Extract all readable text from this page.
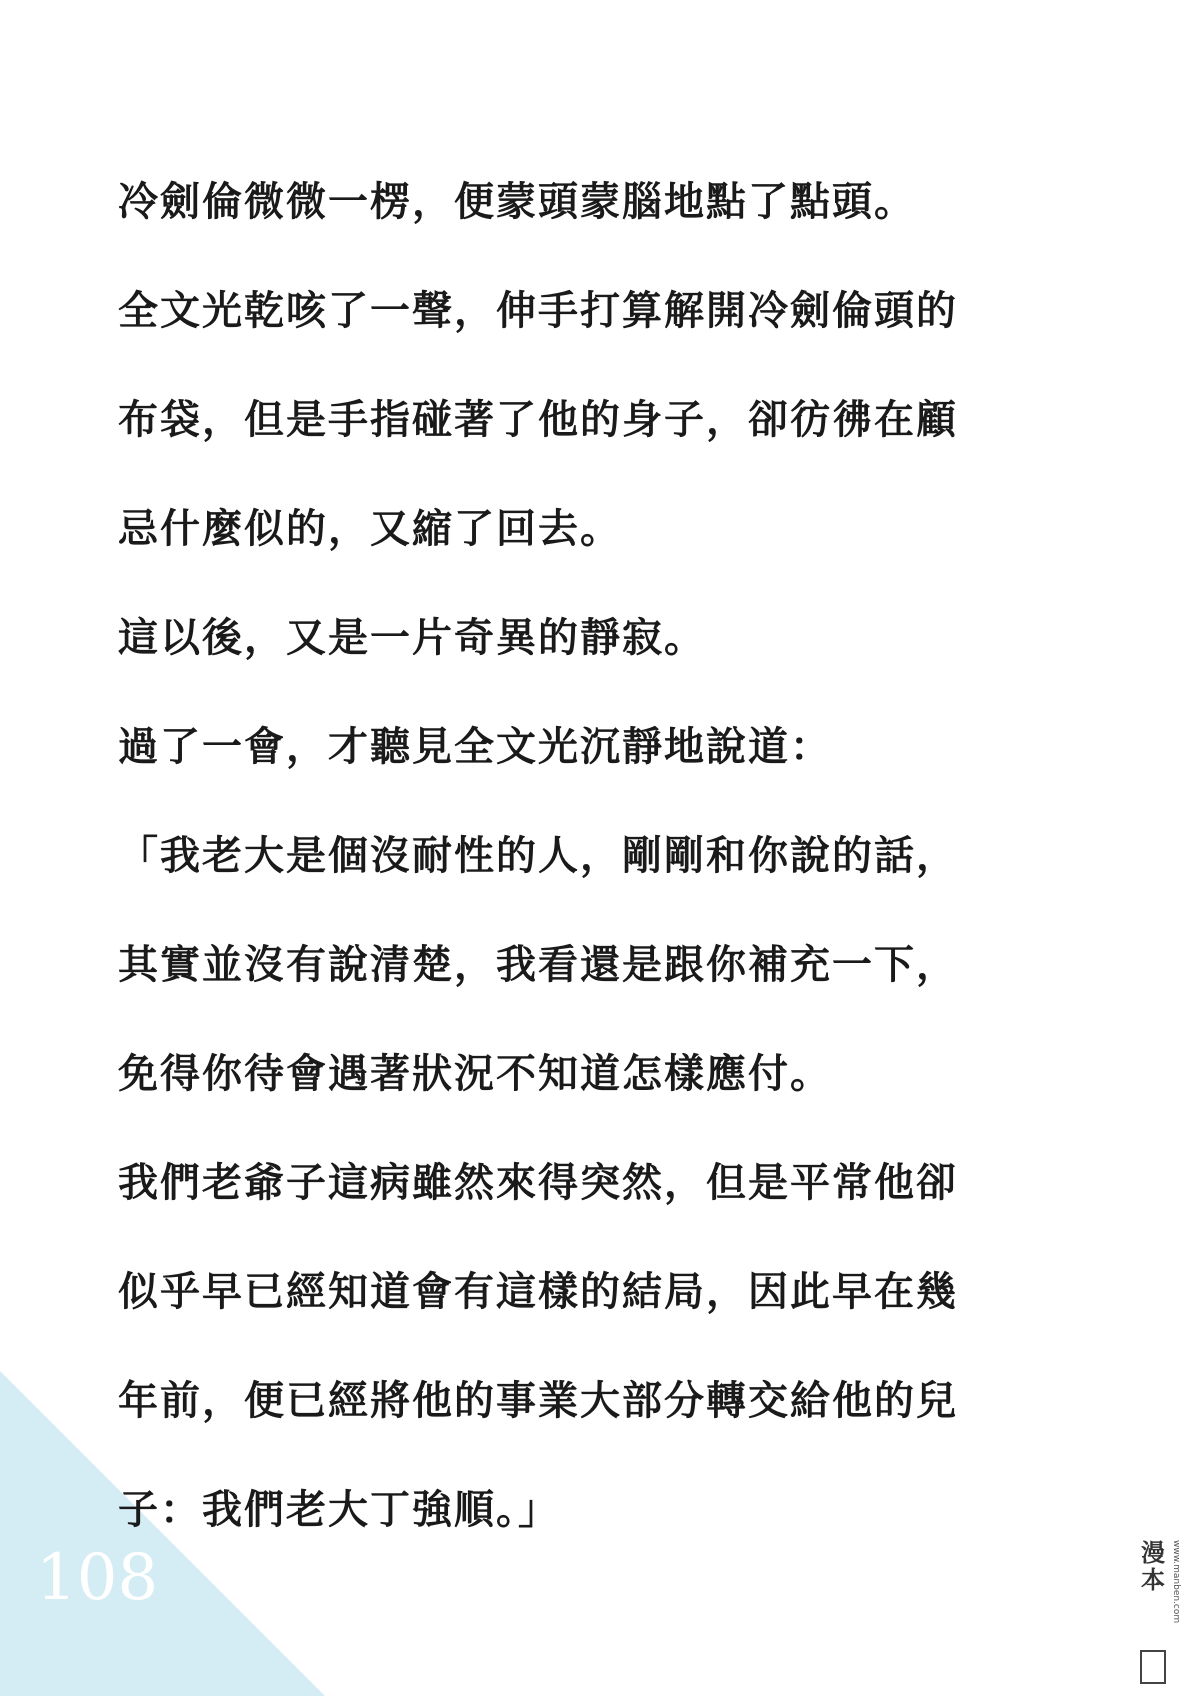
冷劍倫微微一楞，便蒙頭蒙腦地點了點頭。
全文光乾咳了一聲，伸手打算解開冷劍倫頭的
布袋，但是手指碰著了他的身子，卻彷彿在顧
忌什麼似的，又縮了回去。
這以後，又是一片奇異的靜寂。
過了一會，才聽見全文光沉靜地說道：
「我老大是個沒耐性的人，剛剛和你說的話，
其實並沒有說清楚，我看還是跟你補充一下，
免得你待會遇著狀況不知道怎樣應付。
我們老爺子這病雖然來得突然，但是平常他卻
似乎早已經知道會有這樣的結局，因此早在幾
年前，便已經將他的事業大部分轉交給他的兒
子：我們老大丁強順。」
108	漫
本 www.manben.com
